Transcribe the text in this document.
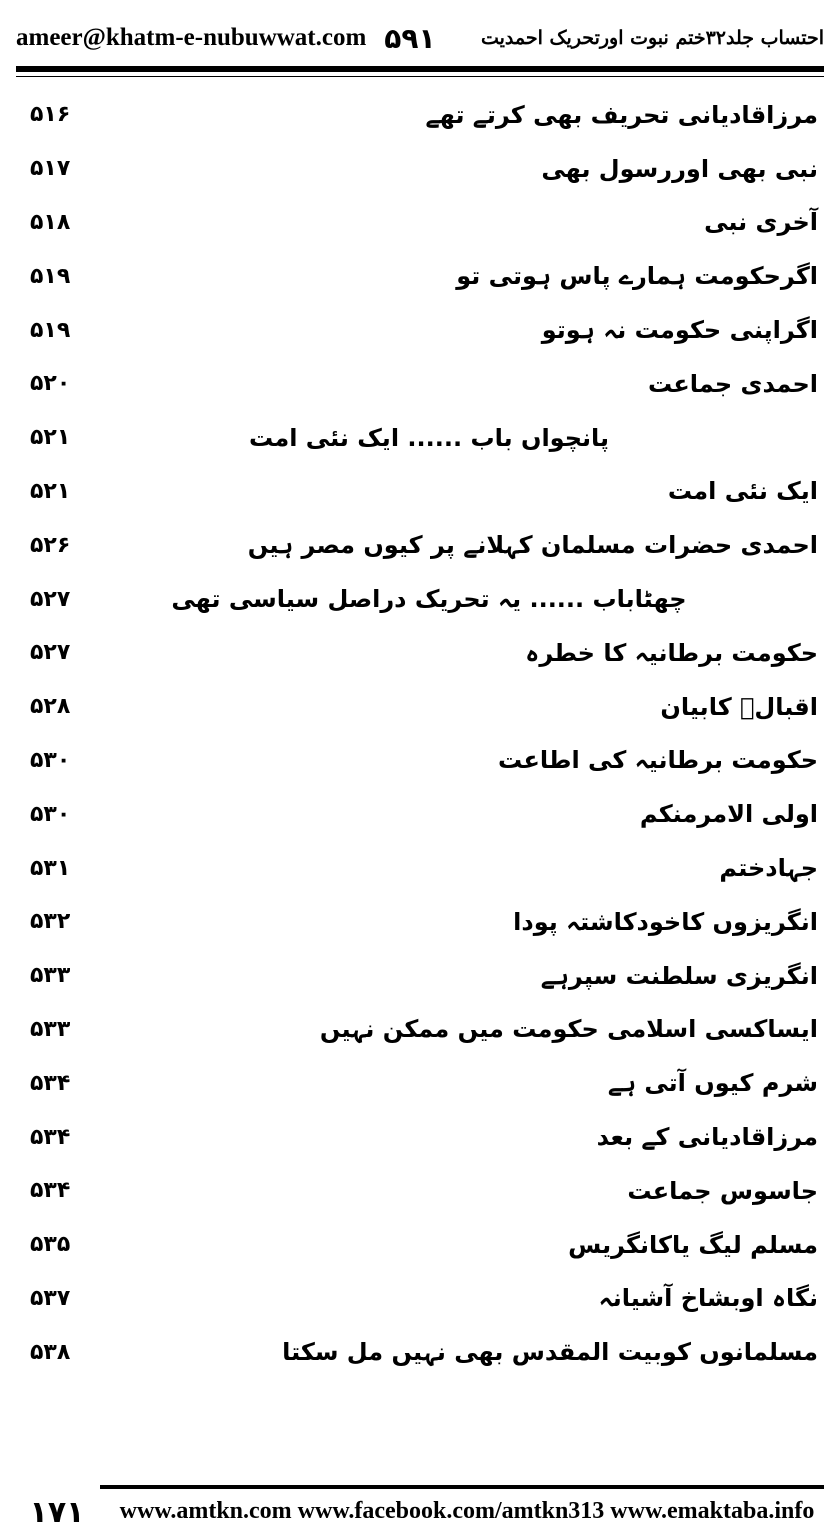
ameer@khatm-e-nubuwwat.com ۵۹۱ احتساب جلد۳۲ختم نبوت اورتحریک احمدیت
۵۱۶	مرزاقادیانی تحریف بھی کرتے تھے
۵۱۷	نبی بھی اوررسول بھی
۵۱۸	آخری نبی
۵۱۹	اگرحکومت ہمارے پاس ہوتی تو
۵۱۹	اگراپنی حکومت نہ ہوتو
۵۲۰	احمدی جماعت
۵۲۱	پانچواں باب ...... ایک نئی امت
۵۲۱	ایک نئی امت
۵۲۶	احمدی حضرات مسلمان کہلانے پر کیوں مصر ہیں
۵۲۷	چھٹاباب ...... یہ تحریک دراصل سیاسی تھی
۵۲۷	حکومت برطانیہ کا خطرہ
۵۲۸	اقبالؒ کابیان
۵۳۰	حکومت برطانیہ کی اطاعت
۵۳۰	اولی الامرمنکم
۵۳۱	جہادختم
۵۳۲	انگریزوں کاخودکاشتہ پودا
۵۳۳	انگریزی سلطنت سپرہے
۵۳۳	ایساکسی اسلامی حکومت میں ممکن نہیں
۵۳۴	شرم کیوں آتی ہے
۵۳۴	مرزاقادیانی کے بعد
۵۳۴	جاسوس جماعت
۵۳۵	مسلم لیگ یاکانگریس
۵۳۷	نگاہ اوبشاخ آشیانہ
۵۳۸	مسلمانوں کوبیت المقدس بھی نہیں مل سکتا
۱۷۱	www.amtkn.com www.facebook.com/amtkn313 www.emaktaba.info
